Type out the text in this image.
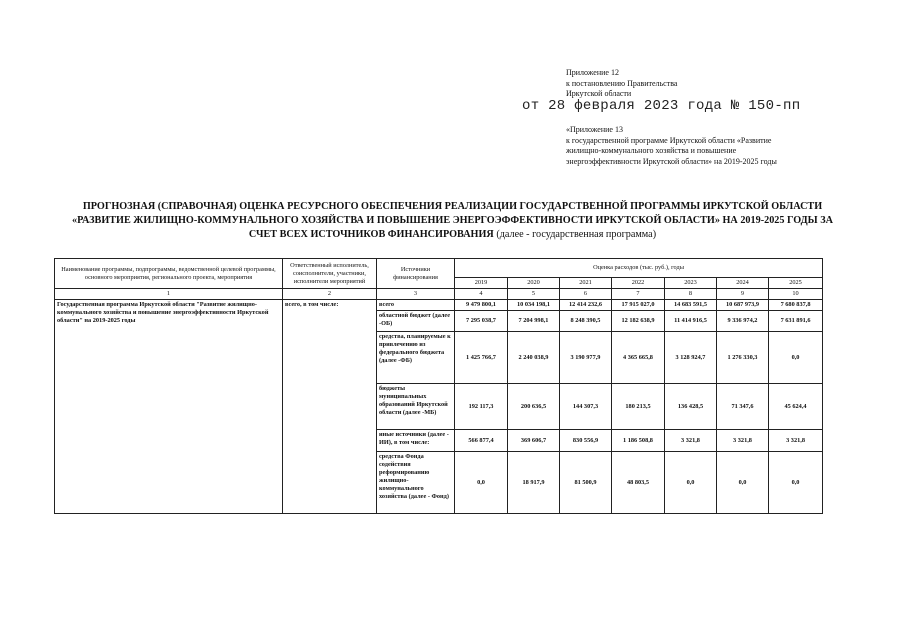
Приложение 12
к постановлению Правительства
Иркутской области
от 28 февраля 2023 года № 150-пп
«Приложение 13
к государственной программе Иркутской области «Развитие
жилищно-коммунального хозяйства и повышение
энергоэффективности Иркутской области» на 2019-2025 годы
ПРОГНОЗНАЯ (СПРАВОЧНАЯ) ОЦЕНКА РЕСУРСНОГО ОБЕСПЕЧЕНИЯ РЕАЛИЗАЦИИ ГОСУДАРСТВЕННОЙ ПРОГРАММЫ ИРКУТСКОЙ ОБЛАСТИ
«РАЗВИТИЕ ЖИЛИЩНО-КОММУНАЛЬНОГО ХОЗЯЙСТВА И ПОВЫШЕНИЕ ЭНЕРГОЭФФЕКТИВНОСТИ ИРКУТСКОЙ ОБЛАСТИ» НА 2019-2025 ГОДЫ ЗА
СЧЕТ ВСЕХ ИСТОЧНИКОВ ФИНАНСИРОВАНИЯ (далее - государственная программа)
Наименование программы, подпрограммы, ведомственной целевой программы, основного мероприятия, регионального проекта, мероприятия	Ответственный исполнитель, соисполнители, участники, исполнители мероприятий	Источники финансирования	Оценка расходов (тыс. руб.), годы						
			2019	2020	2021	2022	2023	2024	2025
1	2	3	4	5	6	7	8	9	10
Государственная программа Иркутской области "Развитие жилищно-коммунального хозяйства и повышение энергоэффективности Иркутской области" на 2019-2025 годы	всего, в том числе:	всего	9 479 800,1	10 034 198,1	12 414 232,6	17 915 027,0	14 683 591,5	10 687 973,9	7 680 837,8
		областной бюджет (далее -ОБ)	7 295 038,7	7 204 998,1	8 248 390,5	12 182 638,9	11 414 916,5	9 336 974,2	7 631 891,6
		средства, планируемые к привлечению из федерального бюджета (далее -ФБ)	1 425 766,7	2 240 038,9	3 190 977,9	4 365 665,8	3 128 924,7	1 276 330,3	0,0
		бюджеты муниципальных образований Иркутской области (далее -МБ)	192 117,3	200 636,5	144 307,3	180 213,5	136 428,5	71 347,6	45 624,4
		иные источники (далее - ИИ), в том числе:	566 877,4	369 606,7	830 556,9	1 186 508,8	3 321,8	3 321,8	3 321,8
		средства Фонда содействия реформированию жилищно-коммунального хозяйства (далее - Фонд)	0,0	18 917,9	81 500,9	48 803,5	0,0	0,0	0,0
